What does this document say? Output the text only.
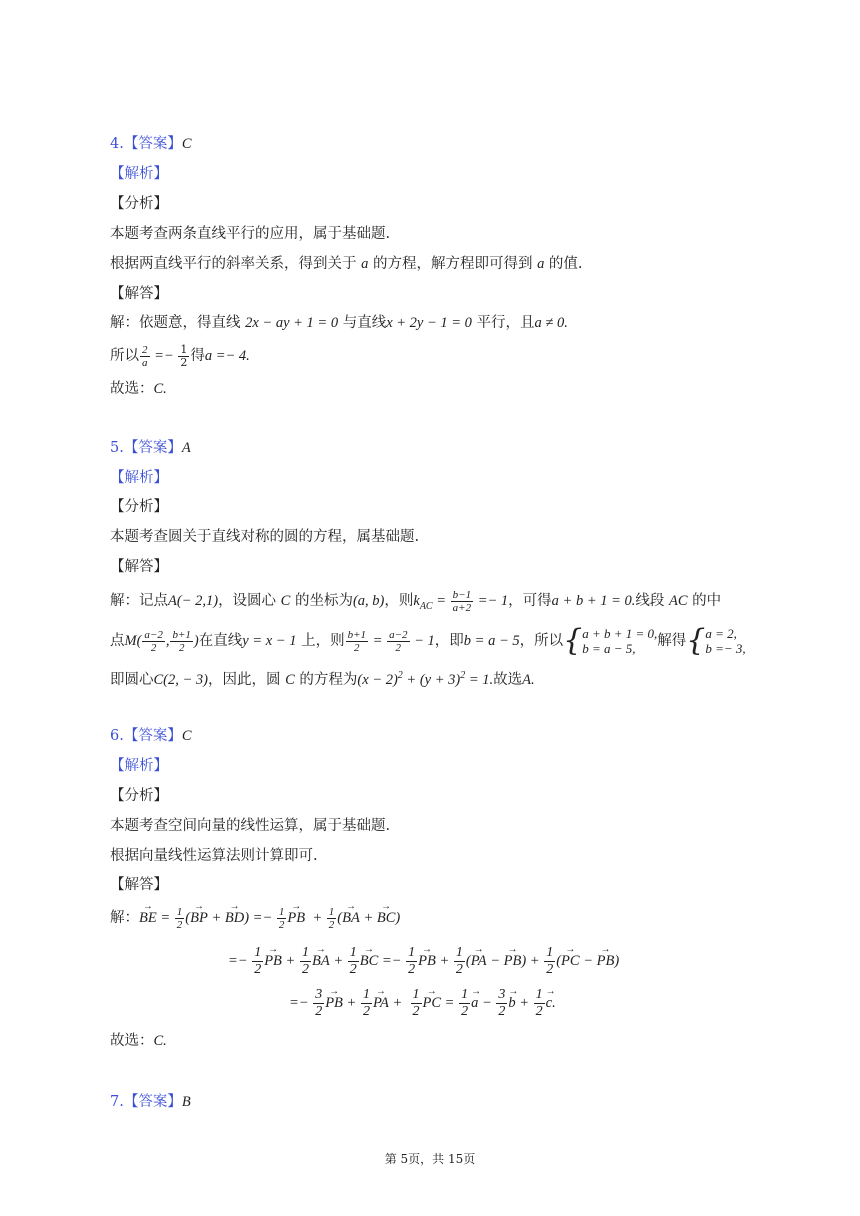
4.【答案】C
【解析】
【分析】
本题考查两条直线平行的应用，属于基础题.
根据两直线平行的斜率关系，得到关于 a 的方程，解方程即可得到 a 的值.
【解答】
解：依题意，得直线 2x − ay + 1 = 0 与直线x + 2y − 1 = 0 平行，且a ≠ 0.
所以 $\frac{2}{a} =- \frac{1}{2}$ 得a =− 4.
故选：C.
5.【答案】A
【解析】
【分析】
本题考查圆关于直线对称的圆的方程，属基础题.
【解答】
解：记点A(− 2,1)，设圆心 C 的坐标为(a, b)，则$k_{AC} = \frac{b-1}{a+2} =- 1$，可得a + b + 1 = 0.线段 AC 的中
点$M( \frac{a-2}{2}$ , $\frac{b+1}{2}$ )在直线y = x − 1 上，则 $\frac{b+1}{2} = \frac{a-2}{2} - 1$，即b = a − 5，所以 { a + b + 1 = 0,
b = a − 5,	解得 { a = 2,
b =− 3,
即圆心C(2, − 3)，因此，圆 C 的方程为$(x - 2)^2 + (y + 3)^2 = 1$.故选A.
6.【答案】C
【解析】
【分析】
本题考查空间向量的线性运算，属于基础题.
根据向量线性运算法则计算即可.
【解答】
解：→ BE = $\frac{1}{2}$ (→ BP + → $BD) =- \frac{1}{2}$
→ PB  + $\frac{1}{2}$ (→ BA + → BC)
=− $\frac{1}{2}$
→ PB + $\frac{1}{2}$
→ BA + $\frac{1}{2}$
→ BC =− $\frac{1}{2}$
→ PB + $\frac{1}{2}$ (→ PA − → $PB) + \frac{1}{2}$ (→ PC − → PB)
=− $\frac{3}{2}$
→ PB + $\frac{1}{2}$
→ PA + $\frac{1}{2}$
→ PC = $\frac{1}{2}$
→ $a - \frac{3}{2}$
→ $b + \frac{1}{2}$
→ c.
故选：C.
7.【答案】B
第 5页，共 15页
